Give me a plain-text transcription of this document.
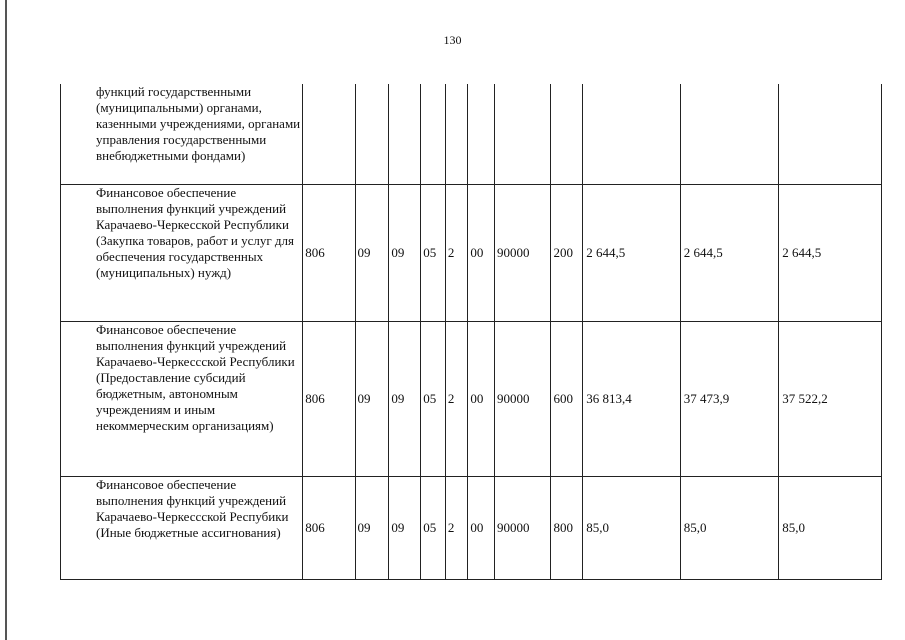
130
функций государственными (муниципальными) органами, казенными учреждениями, органами управления государственными внебюджетными фондами)											
Финансовое обеспечение выполнения функций учреждений Карачаево-Черкесской Республики (Закупка товаров, работ и услуг для обеспечения государственных (муниципальных) нужд)	806	09	09	05	2	00	90000	200	2 644,5	2 644,5	2 644,5
Финансовое обеспечение выполнения функций учреждений Карачаево-Черкессской Республики (Предоставление субсидий бюджетным, автономным учреждениям и иным некоммерческим организациям)	806	09	09	05	2	00	90000	600	36 813,4	37 473,9	37 522,2
Финансовое обеспечение выполнения функций учреждений Карачаево-Черкессской Респубики (Иные бюджетные ассигнования)	806	09	09	05	2	00	90000	800	85,0	85,0	85,0
